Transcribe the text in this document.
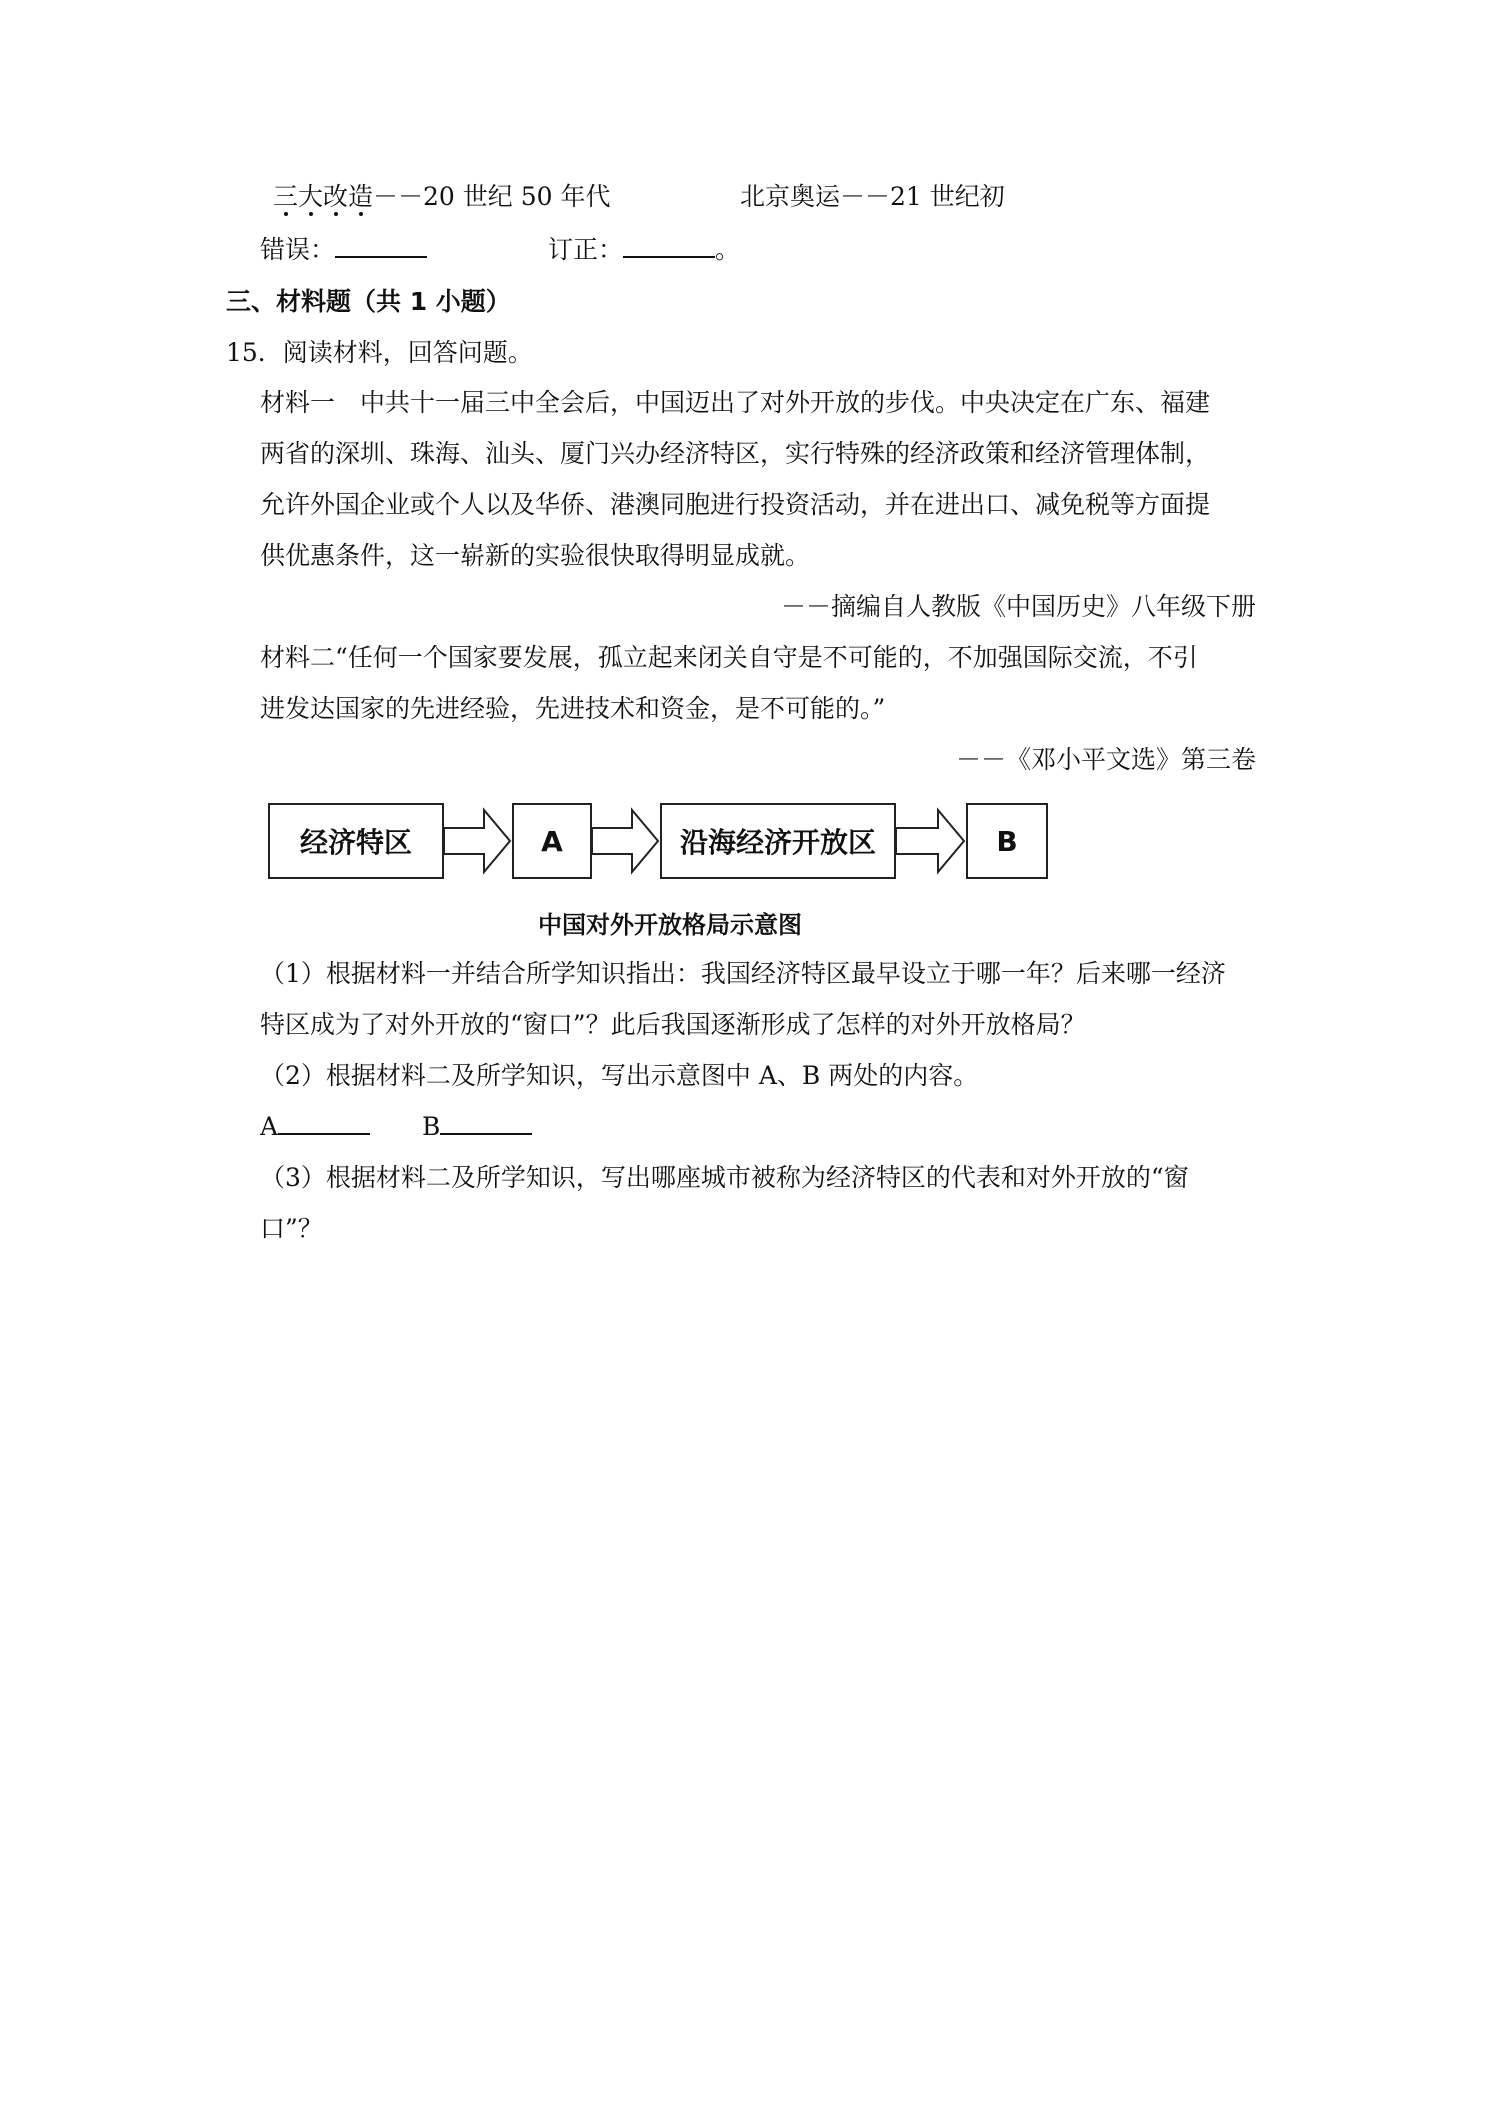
三大改造
－－20 世纪 50 年代	北京奥运－－21 世纪初
错误：	订正：	。
三、材料题（共 1 小题）
15．阅读材料，回答问题。
材料一　中共十一届三中全会后，中国迈出了对外开放的步伐。中央决定在广东、福建
两省的深圳、珠海、汕头、厦门兴办经济特区，实行特殊的经济政策和经济管理体制，
允许外国企业或个人以及华侨、港澳同胞进行投资活动，并在进出口、减免税等方面提
供优惠条件，这一崭新的实验很快取得明显成就。
－－摘编自人教版《中国历史》八年级下册
材料二“任何一个国家要发展，孤立起来闭关自守是不可能的，不加强国际交流，不引
进发达国家的先进经验，先进技术和资金，是不可能的。”
－－《邓小平文选》第三卷
经济特区	A	沿海经济开放区	B
中国对外开放格局示意图
（1）根据材料一并结合所学知识指出：我国经济特区最早设立于哪一年？后来哪一经济
特区成为了对外开放的“窗口”？此后我国逐渐形成了怎样的对外开放格局？
（2）根据材料二及所学知识，写出示意图中 A、B 两处的内容。
A	B
（3）根据材料二及所学知识，写出哪座城市被称为经济特区的代表和对外开放的“窗
口”？
